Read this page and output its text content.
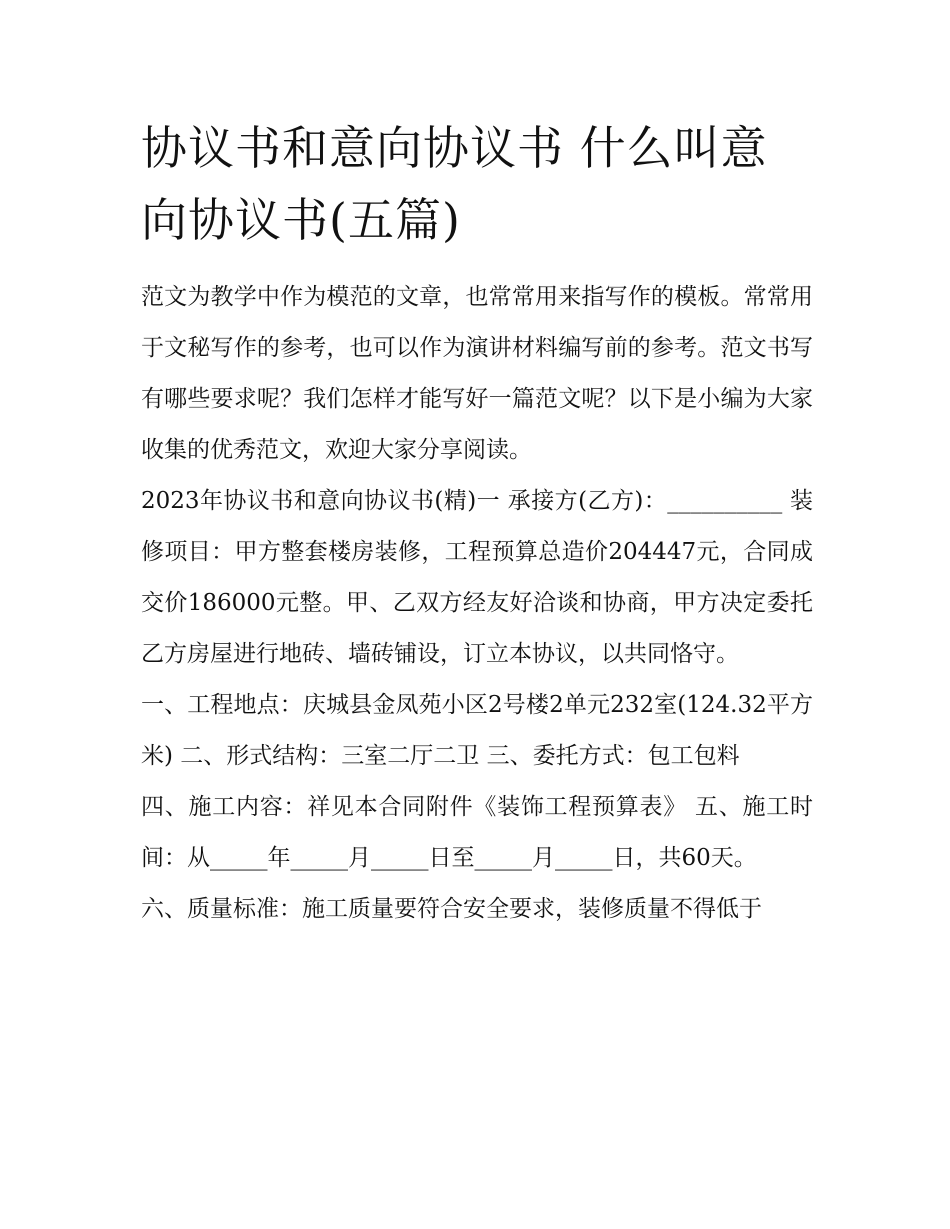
协议书和意向协议书 什么叫意向协议书(五篇)

范文为教学中作为模范的文章，也常常用来指写作的模板。常常用于文秘写作的参考，也可以作为演讲材料编写前的参考。范文书写有哪些要求呢？我们怎样才能写好一篇范文呢？以下是小编为大家收集的优秀范文，欢迎大家分享阅读。

2023年协议书和意向协议书(精)一 承接方(乙方)：__________ 装修项目：甲方整套楼房装修，工程预算总造价204447元，合同成交价186000元整。甲、乙双方经友好洽谈和协商，甲方决定委托乙方房屋进行地砖、墙砖铺设，订立本协议，以共同恪守。

一、工程地点：庆城县金凤苑小区2号楼2单元232室(124.32平方米) 二、形式结构：三室二厅二卫 三、委托方式：包工包料

四、施工内容：祥见本合同附件《装饰工程预算表》 五、施工时间：从_____年_____月_____日至_____月_____日，共60天。

六、质量标准：施工质量要符合安全要求，装修质量不得低于
